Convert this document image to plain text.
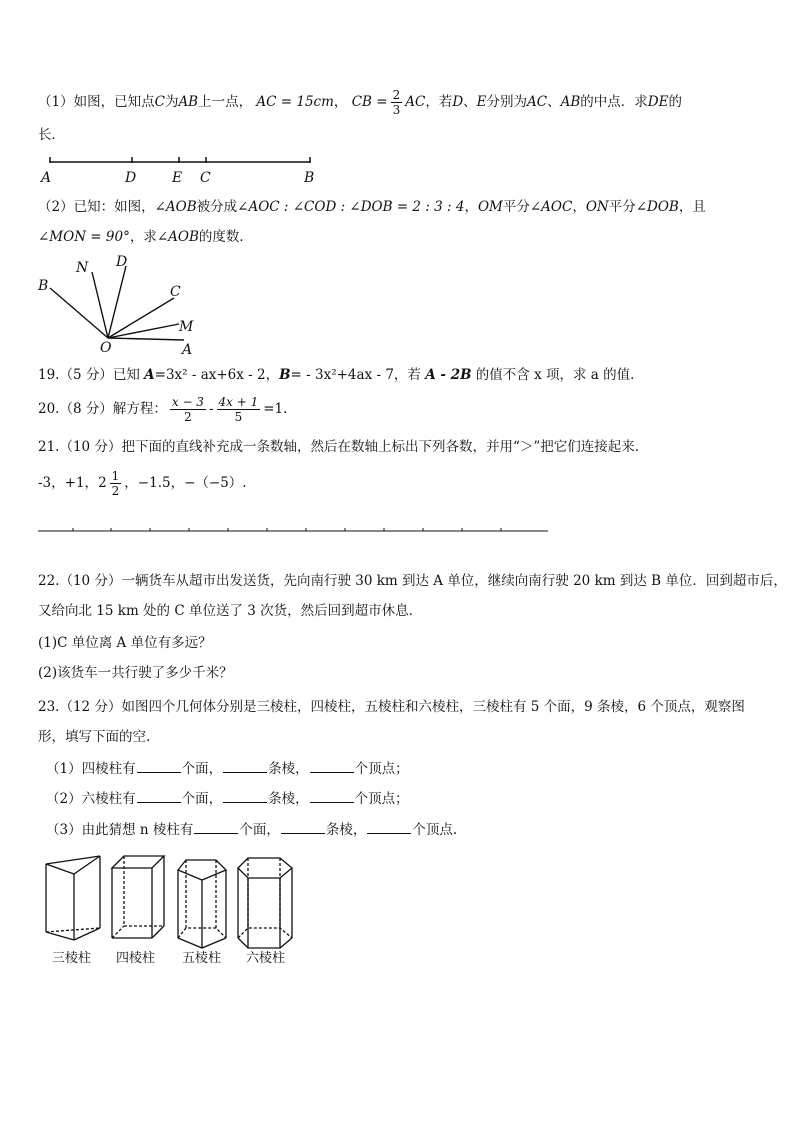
（1）如图，已知点C为AB上一点， AC = 15cm， CB = $\frac{2}{3}$ AC，若D、E分别为AC、AB的中点．求DE的
长．
A	D	E C	B
（2）已知：如图，∠AOB被分成∠AOC : ∠COD : ∠DOB = 2 : 3 : 4，OM平分∠AOC，ON平分∠DOB，且
∠MON = 90°，求∠AOB的度数．
B
N D
C
M
O	A
19.（5 分）已知 A=3x² - ax+6x - 2，B= - 3x²+4ax - 7，若 A - 2B 的值不含 x 项，求 a 的值．
20.（8 分）解方程： $\frac{x - 3}{2} - \frac{4x + 1}{5} =1$.
21.（10 分）把下面的直线补充成一条数轴，然后在数轴上标出下列各数，并用“＞”把它们连接起来.
-3，+1，$2 \frac{1}{2}$ ，−1.5，−（−5）.
22.（10 分）一辆货车从超市出发送货，先向南行驶 30 km 到达 A 单位，继续向南行驶 20 km 到达 B 单位．回到超市后，
又给向北 15 km 处的 C 单位送了 3 次货，然后回到超市休息．
(1)C 单位离 A 单位有多远？
(2)该货车一共行驶了多少千米？
23.（12 分）如图四个几何体分别是三棱柱，四棱柱，五棱柱和六棱柱，三棱柱有 5 个面，9 条棱，6 个顶点，观察图
形，填写下面的空.
（1）四棱柱有	个面，	条棱，	个顶点；
（2）六棱柱有	个面，	条棱，	个顶点；
（3）由此猜想 n 棱柱有	个面，	条棱，	个顶点.
三棱柱 四棱柱 五棱柱 六棱柱
